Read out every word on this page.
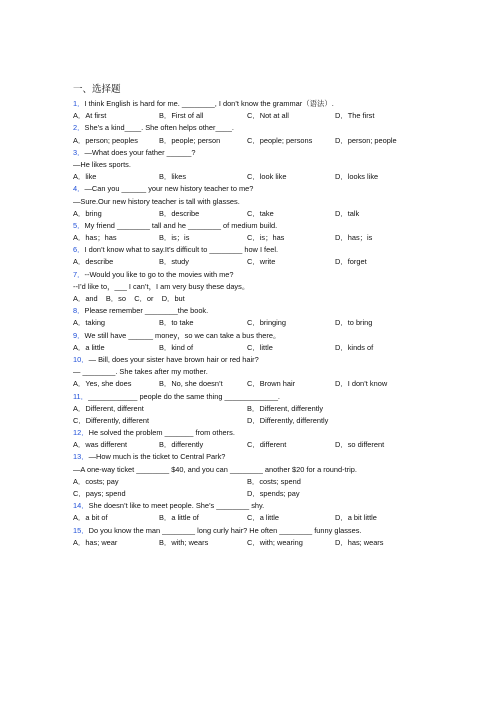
一、选择题
1．I think English is hard for me. ________, I don’t know the grammar（语法）.
A．At first	B．First of all	C．Not at all	D．The first
2．She’s a kind____. She often helps other____.
A．person; peoples	B．people; person	C．people; persons	D．person; people
3．—What does your father ______?
—He likes sports.
A．like	B．likes	C．look like	D．looks like
4．—Can you ______ your new history teacher to me?
—Sure.Our new history teacher is tall with glasses.
A．bring	B．describe	C．take	D．talk
5．My friend ________ tall and he ________ of medium build.
A．has；has	B．is；is	C．is；has	D．has；is
6．I don’t know what to say.It’s difficult to ________ how I feel.
A．describe	B．study	C．write	D．forget
7．--Would you like to go to the movies with me?
--I’d like to，___ I can’t，I am very busy these days。
A．and    B．so    C．or    D．but
8．Please remember ________the book.
A．taking	B．to take	C．bringing	D．to bring
9．We still have ______ money，so we can take a bus there。
A．a little	B．kind of	C．little	D．kinds of
10．— Bill, does your sister have brown hair or red hair?
— ________. She takes after my mother.
A．Yes, she does	B．No, she doesn’t	C．Brown hair	D．I don’t know
11．____________ people do the same thing _____________.
A．Different, different	B．Different, differently
C．Differently, different	D．Differently, differently
12．He solved the problem _______ from others.
A．was different	B．differently	C．different	D．so different
13．—How much is the ticket to Central Park?
—A one-way ticket ________ $40, and you can ________ another $20 for a round-trip.
A．costs; pay	B．costs; spend
C．pays; spend	D．spends; pay
14．She doesn’t like to meet people. She’s ________ shy.
A．a bit of	B．a little of	C．a little	D．a bit little
15．Do you know the man ________ long curly hair? He often ________ funny glasses.
A．has; wear	B．with; wears	C．with; wearing	D．has; wears
